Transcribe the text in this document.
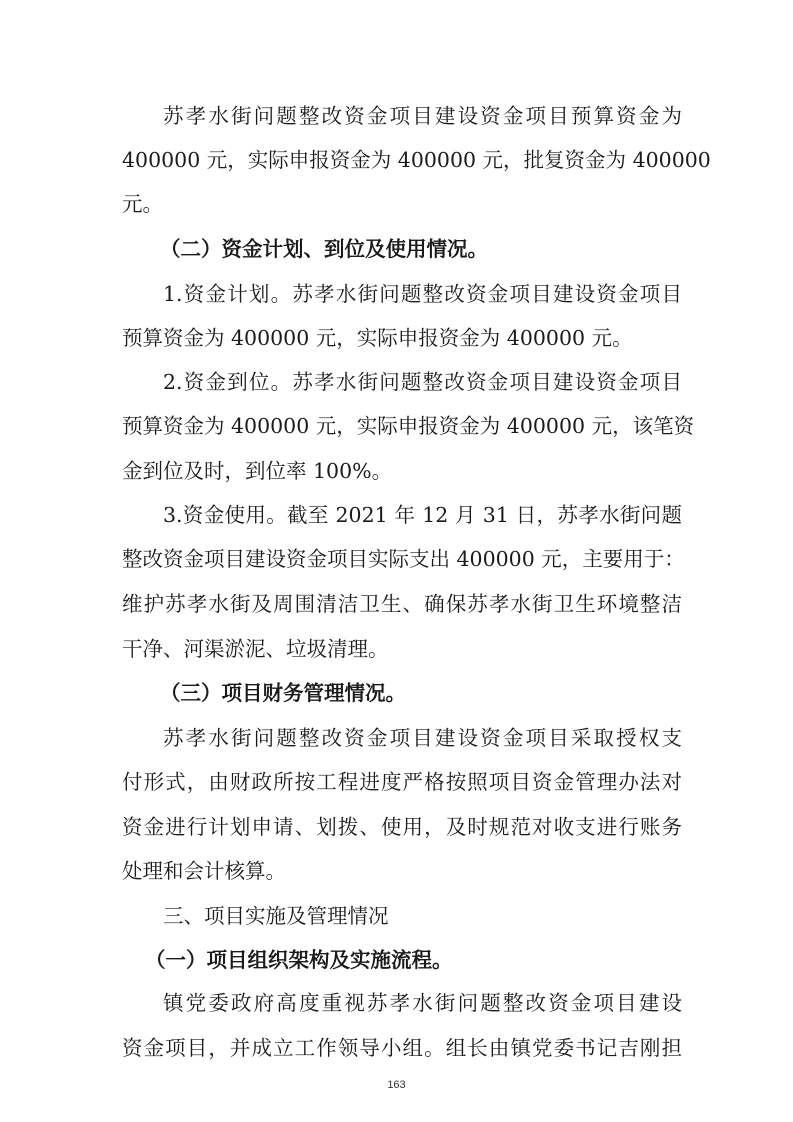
苏孝水街问题整改资金项目建设资金项目预算资金为
400000 元，实际申报资金为 400000 元，批复资金为 400000
元。
（二）资金计划、到位及使用情况。
1.资金计划。苏孝水街问题整改资金项目建设资金项目
预算资金为 400000 元，实际申报资金为 400000 元。
2.资金到位。苏孝水街问题整改资金项目建设资金项目
预算资金为 400000 元，实际申报资金为 400000 元，该笔资
金到位及时，到位率 100%。
3.资金使用。截至 2021 年 12 月 31 日，苏孝水街问题
整改资金项目建设资金项目实际支出 400000 元，主要用于：
维护苏孝水街及周围清洁卫生、确保苏孝水街卫生环境整洁
干净、河渠淤泥、垃圾清理。
（三）项目财务管理情况。
苏孝水街问题整改资金项目建设资金项目采取授权支
付形式，由财政所按工程进度严格按照项目资金管理办法对
资金进行计划申请、划拨、使用，及时规范对收支进行账务
处理和会计核算。
三、项目实施及管理情况
（一）项目组织架构及实施流程。
镇党委政府高度重视苏孝水街问题整改资金项目建设
资金项目，并成立工作领导小组。组长由镇党委书记吉刚担
163
